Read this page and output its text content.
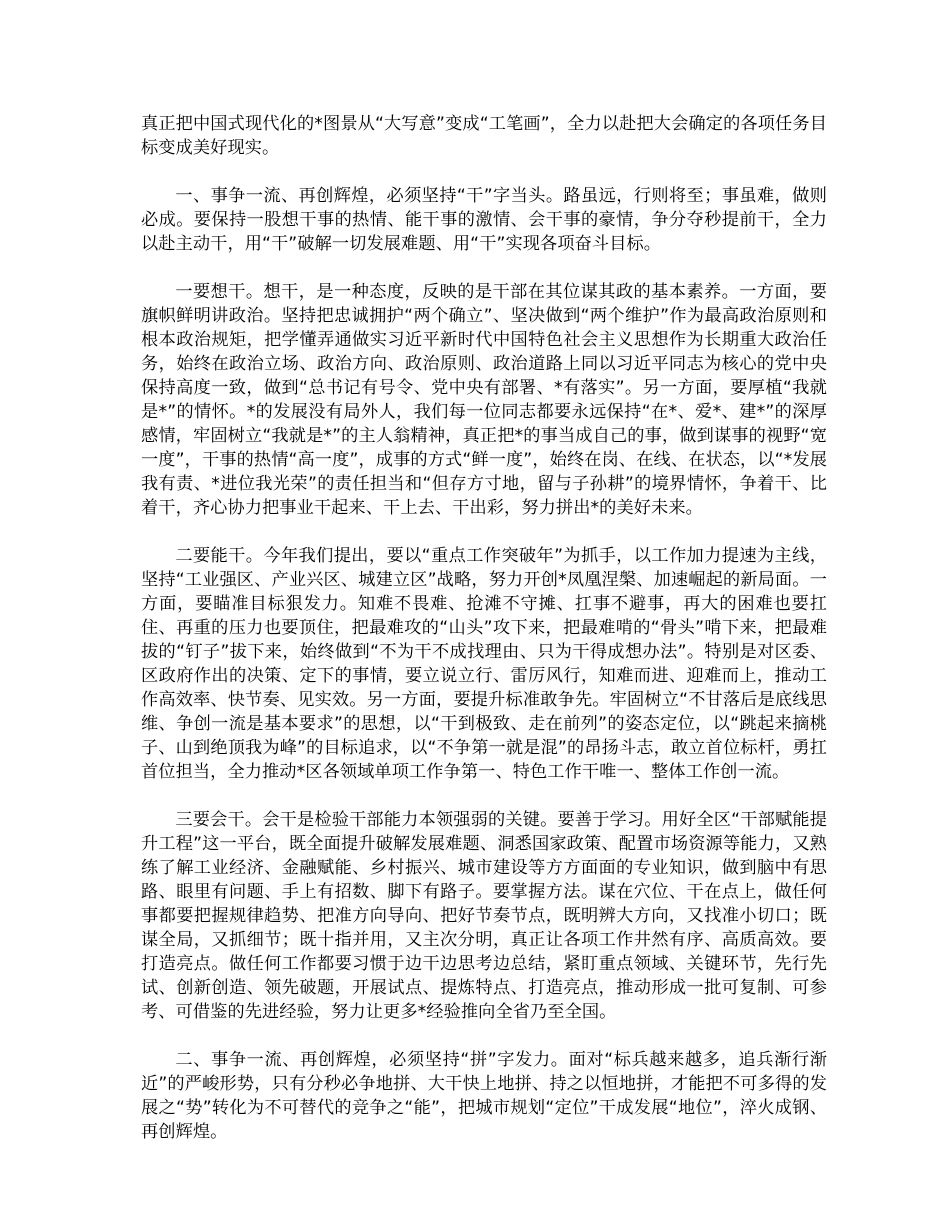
真正把中国式现代化的*图景从“大写意”变成“工笔画”，全力以赴把大会确定的各项任务目标变成美好现实。

一、事争一流、再创辉煌，必须坚持“干”字当头。路虽远，行则将至；事虽难，做则必成。要保持一股想干事的热情、能干事的激情、会干事的豪情，争分夺秒提前干，全力以赴主动干，用“干”破解一切发展难题、用“干”实现各项奋斗目标。

一要想干。想干，是一种态度，反映的是干部在其位谋其政的基本素养。一方面，要旗帜鲜明讲政治。坚持把忠诚拥护“两个确立”、坚决做到“两个维护”作为最高政治原则和根本政治规矩，把学懂弄通做实习近平新时代中国特色社会主义思想作为长期重大政治任务，始终在政治立场、政治方向、政治原则、政治道路上同以习近平同志为核心的党中央保持高度一致，做到“总书记有号令、党中央有部署、*有落实”。另一方面，要厚植“我就是*”的情怀。*的发展没有局外人，我们每一位同志都要永远保持“在*、爱*、建*”的深厚感情，牢固树立“我就是*”的主人翁精神，真正把*的事当成自己的事，做到谋事的视野“宽一度”，干事的热情“高一度”，成事的方式“鲜一度”，始终在岗、在线、在状态，以“*发展我有责、*进位我光荣”的责任担当和“但存方寸地，留与子孙耕”的境界情怀，争着干、比着干，齐心协力把事业干起来、干上去、干出彩，努力拼出*的美好未来。

二要能干。今年我们提出，要以“重点工作突破年”为抓手，以工作加力提速为主线，坚持“工业强区、产业兴区、城建立区”战略，努力开创*凤凰涅槃、加速崛起的新局面。一方面，要瞄准目标狠发力。知难不畏难、抢滩不守摊、扛事不避事，再大的困难也要扛住、再重的压力也要顶住，把最难攻的“山头”攻下来，把最难啃的“骨头”啃下来，把最难拔的“钉子”拔下来，始终做到“不为干不成找理由、只为干得成想办法”。特别是对区委、区政府作出的决策、定下的事情，要立说立行、雷厉风行，知难而进、迎难而上，推动工作高效率、快节奏、见实效。另一方面，要提升标准敢争先。牢固树立“不甘落后是底线思维、争创一流是基本要求”的思想，以“干到极致、走在前列”的姿态定位，以“跳起来摘桃子、山到绝顶我为峰”的目标追求，以“不争第一就是混”的昂扬斗志，敢立首位标杆，勇扛首位担当，全力推动*区各领域单项工作争第一、特色工作干唯一、整体工作创一流。

三要会干。会干是检验干部能力本领强弱的关键。要善于学习。用好全区“干部赋能提升工程”这一平台，既全面提升破解发展难题、洞悉国家政策、配置市场资源等能力，又熟练了解工业经济、金融赋能、乡村振兴、城市建设等方方面面的专业知识，做到脑中有思路、眼里有问题、手上有招数、脚下有路子。要掌握方法。谋在穴位、干在点上，做任何事都要把握规律趋势、把准方向导向、把好节奏节点，既明辨大方向，又找准小切口；既谋全局，又抓细节；既十指并用，又主次分明，真正让各项工作井然有序、高质高效。要打造亮点。做任何工作都要习惯于边干边思考边总结，紧盯重点领域、关键环节，先行先试、创新创造、领先破题，开展试点、提炼特点、打造亮点，推动形成一批可复制、可参考、可借鉴的先进经验，努力让更多*经验推向全省乃至全国。

二、事争一流、再创辉煌，必须坚持“拼”字发力。面对“标兵越来越多，追兵渐行渐近”的严峻形势，只有分秒必争地拼、大干快上地拼、持之以恒地拼，才能把不可多得的发展之“势”转化为不可替代的竞争之“能”，把城市规划“定位”干成发展“地位”，淬火成钢、再创辉煌。
